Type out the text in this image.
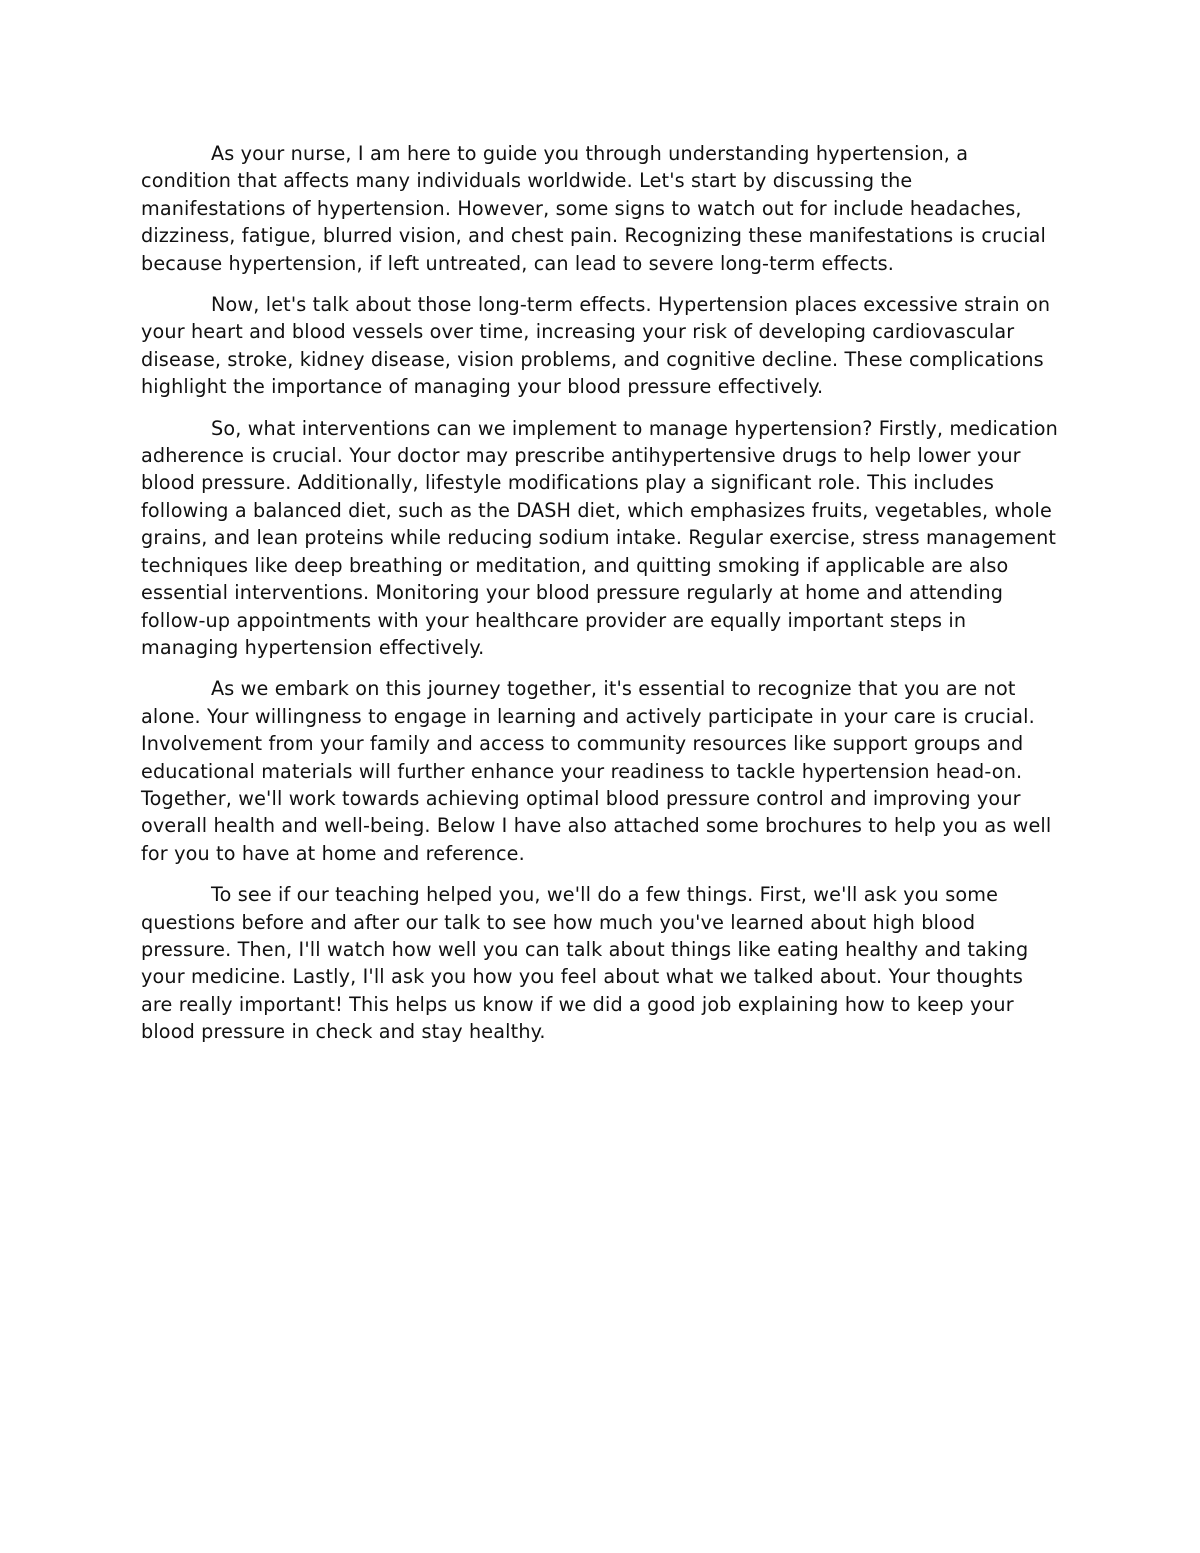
As your nurse, I am here to guide you through understanding hypertension, a condition that affects many individuals worldwide. Let's start by discussing the manifestations of hypertension. However, some signs to watch out for include headaches, dizziness, fatigue, blurred vision, and chest pain. Recognizing these manifestations is crucial because hypertension, if left untreated, can lead to severe long-term effects.

Now, let's talk about those long-term effects. Hypertension places excessive strain on your heart and blood vessels over time, increasing your risk of developing cardiovascular disease, stroke, kidney disease, vision problems, and cognitive decline. These complications highlight the importance of managing your blood pressure effectively.

So, what interventions can we implement to manage hypertension? Firstly, medication adherence is crucial. Your doctor may prescribe antihypertensive drugs to help lower your blood pressure. Additionally, lifestyle modifications play a significant role. This includes following a balanced diet, such as the DASH diet, which emphasizes fruits, vegetables, whole grains, and lean proteins while reducing sodium intake. Regular exercise, stress management techniques like deep breathing or meditation, and quitting smoking if applicable are also essential interventions. Monitoring your blood pressure regularly at home and attending follow-up appointments with your healthcare provider are equally important steps in managing hypertension effectively.

As we embark on this journey together, it's essential to recognize that you are not alone. Your willingness to engage in learning and actively participate in your care is crucial. Involvement from your family and access to community resources like support groups and educational materials will further enhance your readiness to tackle hypertension head-on. Together, we'll work towards achieving optimal blood pressure control and improving your overall health and well-being. Below I have also attached some brochures to help you as well for you to have at home and reference.

To see if our teaching helped you, we'll do a few things. First, we'll ask you some questions before and after our talk to see how much you've learned about high blood pressure. Then, I'll watch how well you can talk about things like eating healthy and taking your medicine. Lastly, I'll ask you how you feel about what we talked about. Your thoughts are really important! This helps us know if we did a good job explaining how to keep your blood pressure in check and stay healthy.
